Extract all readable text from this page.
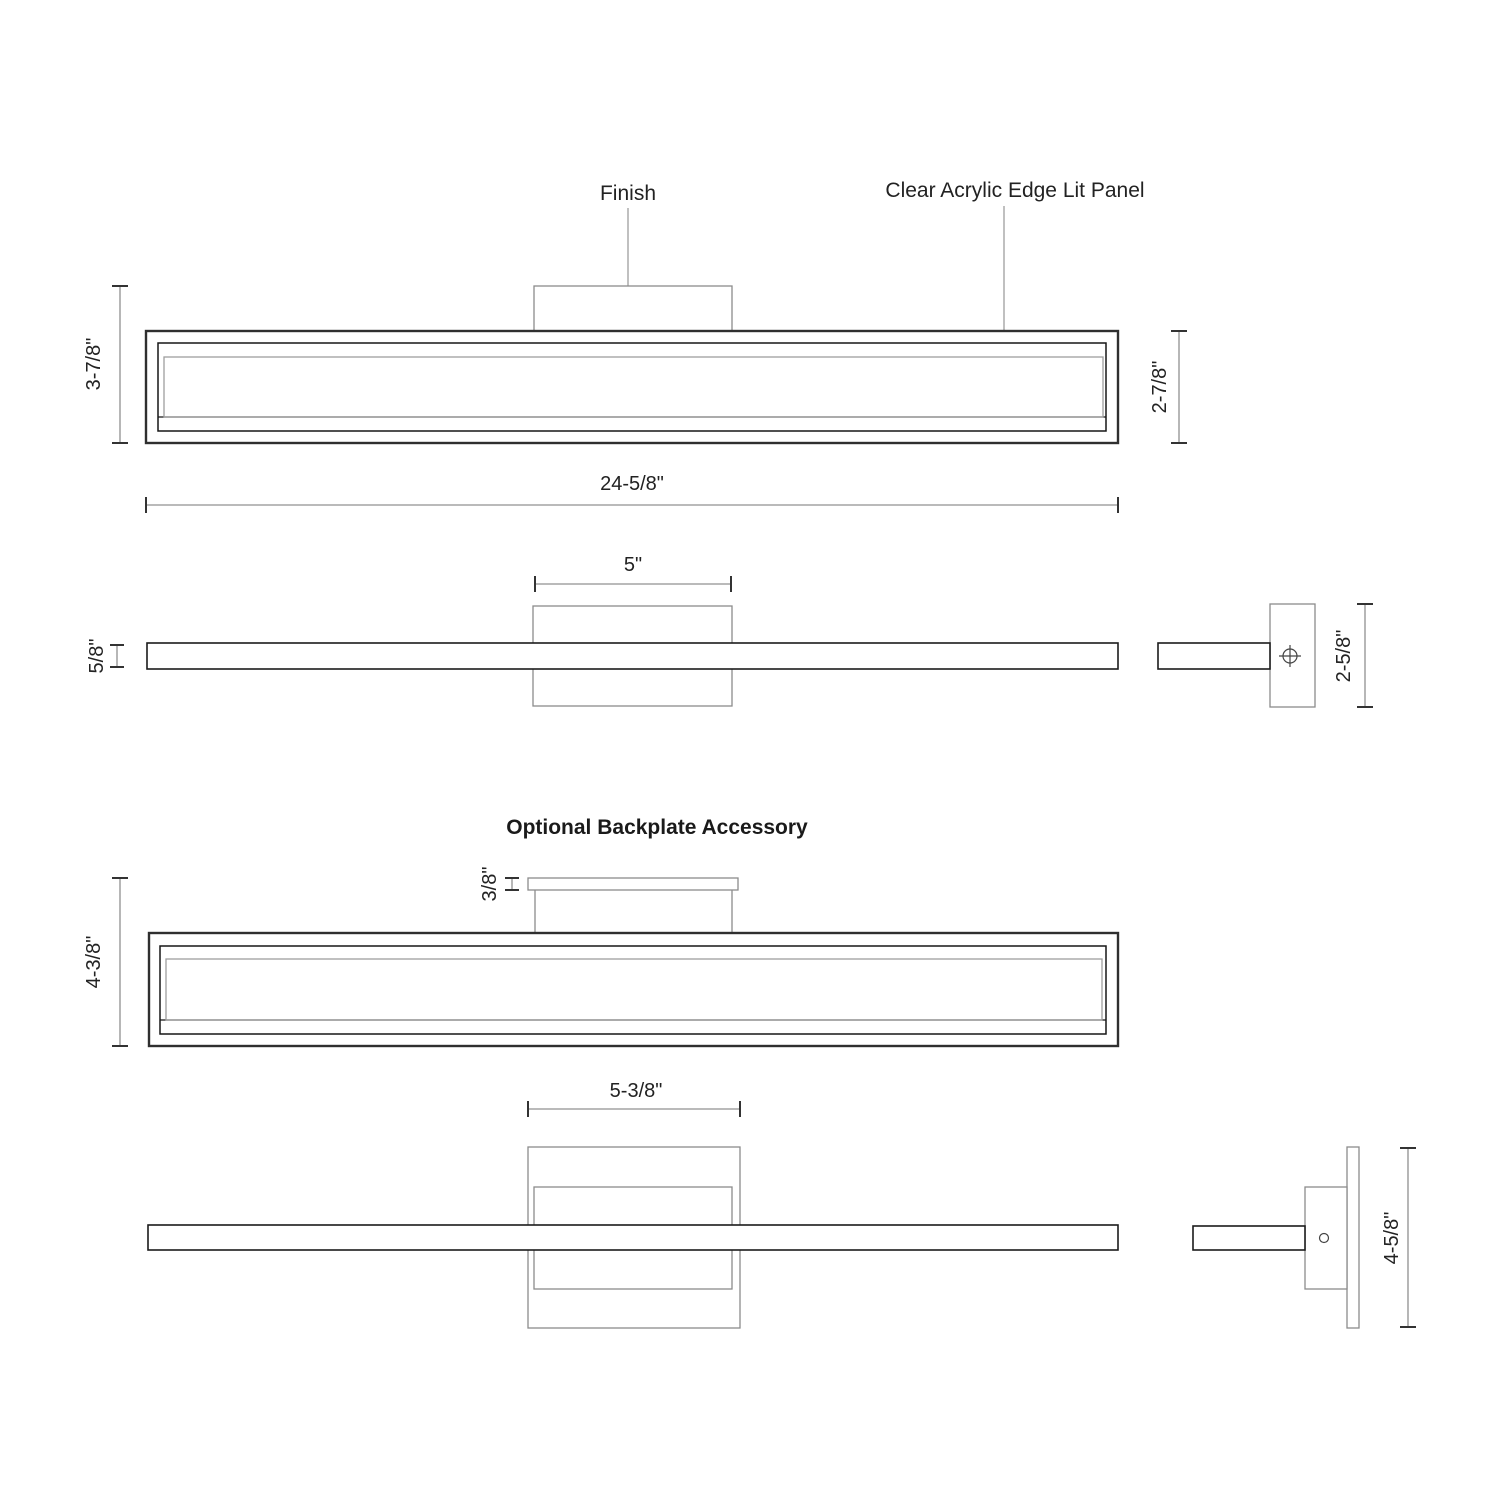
Finish	Clear Acrylic Edge Lit Panel
3-7/8"	2-7/8"
24-5/8"
5"
5/8"	2-5/8"
Optional Backplate Accessory
3/8"
4-3/8"
5-3/8"
4-5/8"
